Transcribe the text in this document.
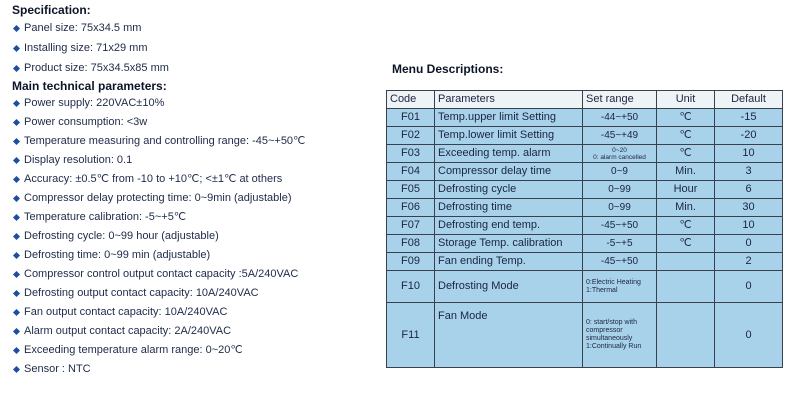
Specification:

Panel size: 75x34.5 mm
Installing size: 71x29 mm
Product size: 75x34.5x85 mm

Main technical parameters:

Power supply: 220VAC±10%
Power consumption: <3w
Temperature measuring and controlling range: -45~+50℃
Display resolution: 0.1
Accuracy: ±0.5℃ from -10 to +10℃; <±1℃ at others
Compressor delay protecting time: 0~9min (adjustable)
Temperature calibration: -5~+5℃
Defrosting cycle: 0~99 hour (adjustable)
Defrosting time: 0~99 min (adjustable)
Compressor control output contact capacity :5A/240VAC
Defrosting output contact capacity: 10A/240VAC
Fan output contact capacity: 10A/240VAC
Alarm output contact capacity: 2A/240VAC
Exceeding temperature alarm range: 0~20℃
Sensor : NTC

Menu Descriptions:

Code	Parameters	Set range	Unit	Default
F01	Temp.upper limit Setting	-44~+50	℃	-15
F02	Temp.lower limit Setting	-45~+49	℃	-20
F03	Exceeding temp. alarm	0~20
0: alarm cancelled	℃	10
F04	Compressor delay time	0~9	Min.	3
F05	Defrosting cycle	0~99	Hour	6
F06	Defrosting time	0~99	Min.	30
F07	Defrosting end temp.	-45~+50	℃	10
F08	Storage Temp. calibration	-5~+5	℃	0
F09	Fan ending Temp.	-45~+50		2
F10	Defrosting Mode	0:Electric Heating
1:Thermal		0
F11	Fan Mode	0: start/stop with
compressor
simultaneously
1:Continually Run		0
